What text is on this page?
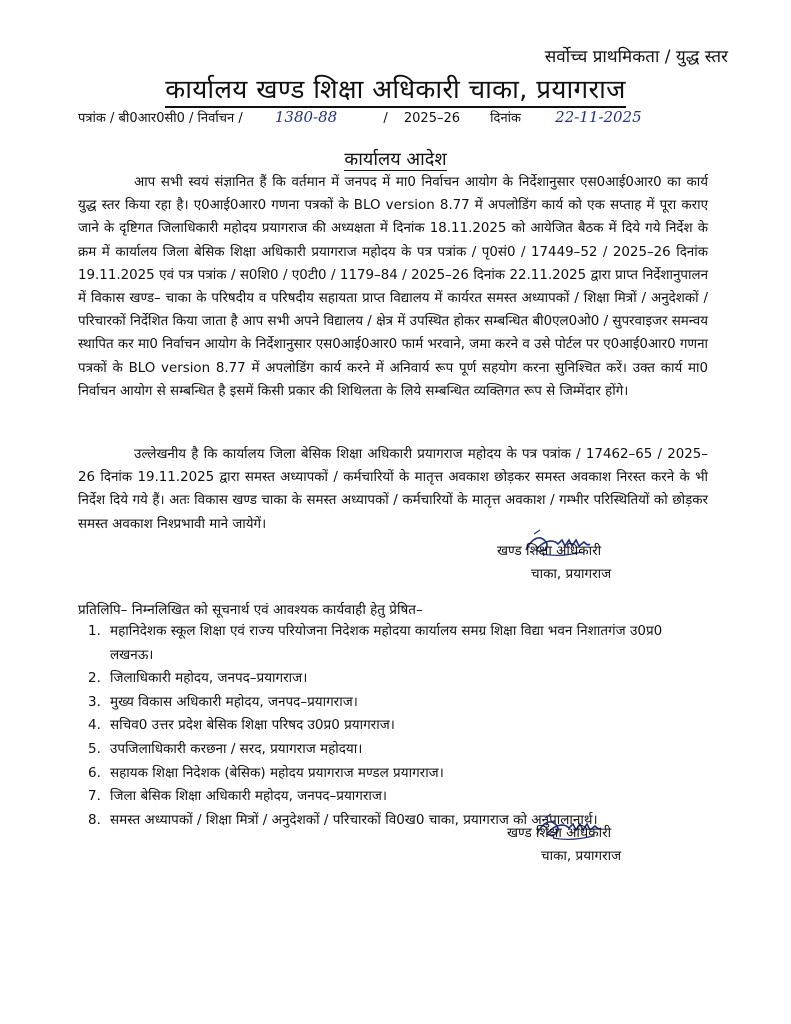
सर्वोच्च प्राथमिकता / युद्ध स्तर
कार्यालय खण्ड शिक्षा अधिकारी चाका, प्रयागराज
पत्रांक / बी0आर0सी0 / निर्वाचन / 1380-88	/ 2025–26 दिनांक 22-11-2025
कार्यालय आदेश

आप सभी स्वयं संज्ञानित हैं कि वर्तमान में जनपद में मा0 निर्वाचन आयोग के निर्देशानुसार एस0आई0आर0 का कार्य युद्ध स्तर किया रहा है। ए0आई0आर0 गणना पत्रकों के BLO version 8.77 में अपलोडिंग कार्य को एक सप्ताह में पूरा कराए जाने के दृष्टिगत जिलाधिकारी महोदय प्रयागराज की अध्यक्षता में दिनांक 18.11.2025 को आयेजित बैठक में दिये गये निर्देश के क्रम में कार्यालय जिला बेसिक शिक्षा अधिकारी प्रयागराज महोदय के पत्र पत्रांक / पृ0सं0 / 17449–52 / 2025–26 दिनांक 19.11.2025 एवं पत्र पत्रांक / स0शि0 / ए0टी0 / 1179–84 / 2025–26 दिनांक 22.11.2025 द्वारा प्राप्त निर्देशानुपालन में विकास खण्ड– चाका के परिषदीय व परिषदीय सहायता प्राप्त विद्यालय में कार्यरत समस्त अध्यापकों / शिक्षा मित्रों / अनुदेशकों / परिचारकों निर्देशित किया जाता है आप सभी अपने विद्यालय / क्षेत्र में उपस्थित होकर सम्बन्धित बी0एल0ओ0 / सुपरवाइजर समन्वय स्थापित कर मा0 निर्वाचन आयोग के निर्देशानुसार एस0आई0आर0 फार्म भरवाने, जमा करने व उसे पोर्टल पर ए0आई0आर0 गणना पत्रकों के BLO version 8.77 में अपलोडिंग कार्य करने में अनिवार्य रूप पूर्ण सहयोग करना सुनिश्चित करें। उक्त कार्य मा0 निर्वाचन आयोग से सम्बन्धित है इसमें किसी प्रकार की शिथिलता के लिये सम्बन्धित व्यक्तिगत रूप से जिम्मेंदार होंगे।

उल्लेखनीय है कि कार्यालय जिला बेसिक शिक्षा अधिकारी प्रयागराज महोदय के पत्र पत्रांक / 17462–65 / 2025–26 दिनांक 19.11.2025 द्वारा समस्त अध्यापकों / कर्मचारियों के मातृत्त अवकाश छोड़कर समस्त अवकाश निरस्त करने के भी निर्देश दिये गये हैं। अतः विकास खण्ड चाका के समस्त अध्यापकों / कर्मचारियों के मातृत्त अवकाश / गम्भीर परिस्थितियों को छोड़कर समस्त अवकाश निश्प्रभावी माने जायेगें।

खण्ड शिक्षा अधिकारी
चाका, प्रयागराज
प्रतिलिपि– निम्नलिखित को सूचनार्थ एवं आवश्यक कार्यवाही हेतु प्रेषित–
1. महानिदेशक स्कूल शिक्षा एवं राज्य परियोजना निदेशक महोदया कार्यालय समग्र शिक्षा विद्या भवन निशातगंज उ0प्र0 लखनऊ।
2. जिलाधिकारी महोदय, जनपद–प्रयागराज।
3. मुख्य विकास अधिकारी महोदय, जनपद–प्रयागराज।
4. सचिव0 उत्तर प्रदेश बेसिक शिक्षा परिषद उ0प्र0 प्रयागराज।
5. उपजिलाधिकारी करछना / सरद, प्रयागराज महोदया।
6. सहायक शिक्षा निदेशक (बेसिक) महोदय प्रयागराज मण्डल प्रयागराज।
7. जिला बेसिक शिक्षा अधिकारी महोदय, जनपद–प्रयागराज।
8. समस्त अध्यापकों / शिक्षा मित्रों / अनुदेशकों / परिचारकों वि0ख0 चाका, प्रयागराज को अनुपालानार्थ।
खण्ड शिक्षा अधिकारी
चाका, प्रयागराज
